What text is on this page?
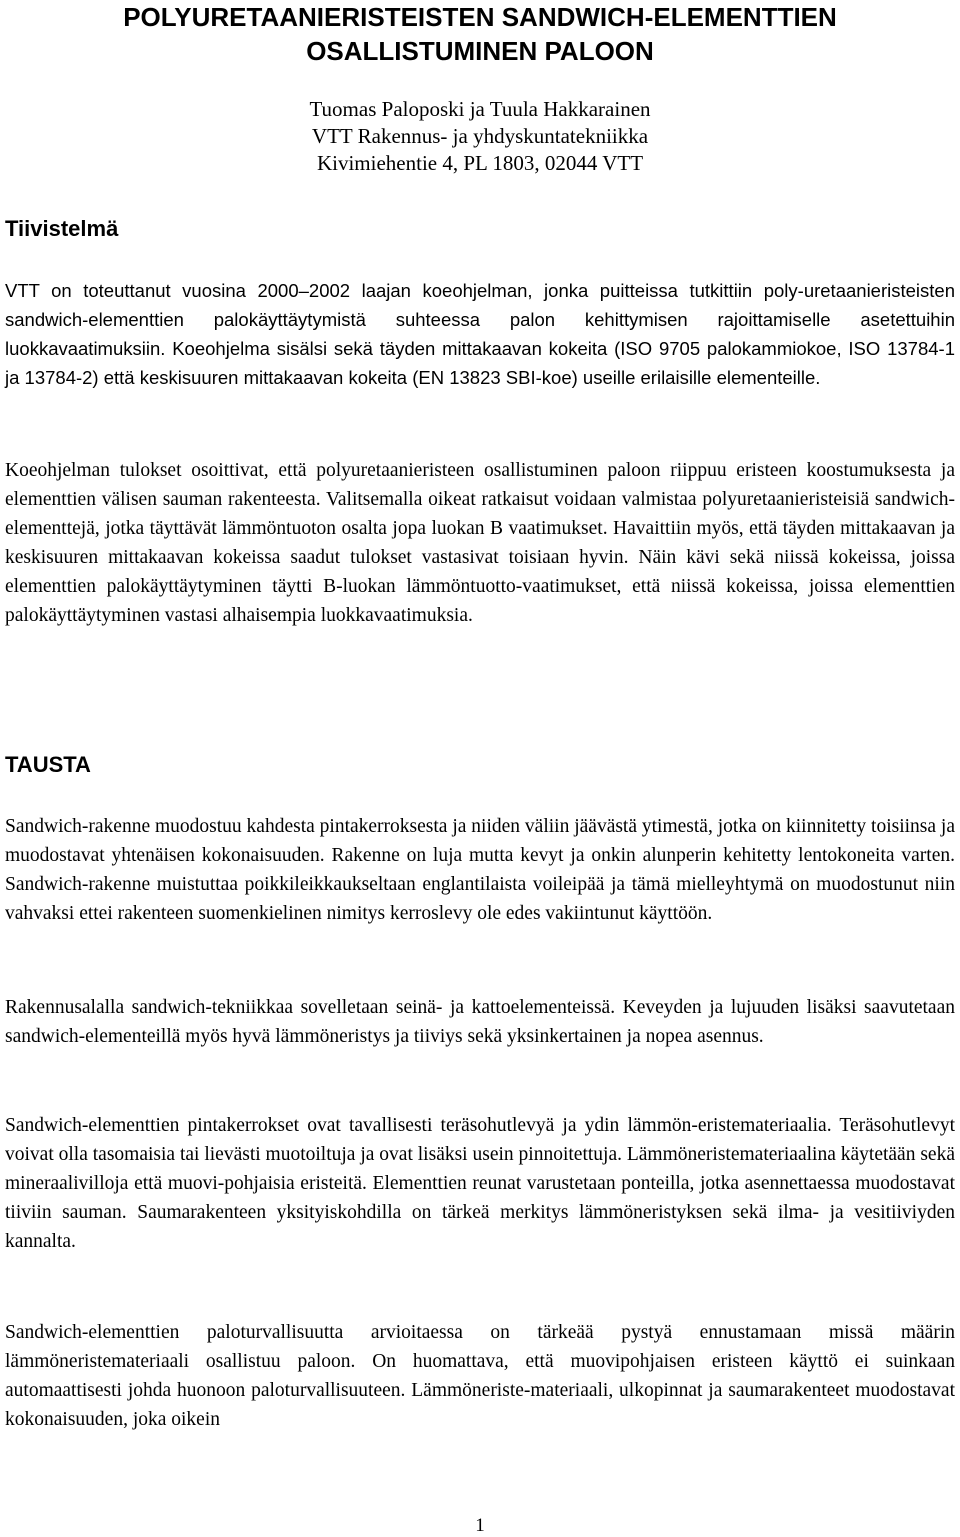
POLYURETAANIERISTEISTEN SANDWICH-ELEMENTTIEN
OSALLISTUMINEN PALOON
Tuomas Paloposki ja Tuula Hakkarainen
VTT Rakennus- ja yhdyskuntatekniikka
Kivimiehentie 4, PL 1803, 02044 VTT
Tiivistelmä

VTT on toteuttanut vuosina 2000–2002 laajan koeohjelman, jonka puitteissa tutkittiin poly-uretaanieristeisten sandwich-elementtien palokäyttäytymistä suhteessa palon kehittymisen rajoittamiselle asetettuihin luokkavaatimuksiin. Koeohjelma sisälsi sekä täyden mittakaavan kokeita (ISO 9705 palokammiokoe, ISO 13784-1 ja 13784-2) että keskisuuren mittakaavan kokeita (EN 13823 SBI-koe) useille erilaisille elementeille.

Koeohjelman tulokset osoittivat, että polyuretaanieristeen osallistuminen paloon riippuu eristeen koostumuksesta ja elementtien välisen sauman rakenteesta. Valitsemalla oikeat ratkaisut voidaan valmistaa polyuretaanieristeisiä sandwich-elementtejä, jotka täyttävät lämmöntuoton osalta jopa luokan B vaatimukset. Havaittiin myös, että täyden mittakaavan ja keskisuuren mittakaavan kokeissa saadut tulokset vastasivat toisiaan hyvin. Näin kävi sekä niissä kokeissa, joissa elementtien palokäyttäytyminen täytti B-luokan lämmöntuotto-vaatimukset, että niissä kokeissa, joissa elementtien palokäyttäytyminen vastasi alhaisempia luokkavaatimuksia.

TAUSTA

Sandwich-rakenne muodostuu kahdesta pintakerroksesta ja niiden väliin jäävästä ytimestä, jotka on kiinnitetty toisiinsa ja muodostavat yhtenäisen kokonaisuuden. Rakenne on luja mutta kevyt ja onkin alunperin kehitetty lentokoneita varten. Sandwich-rakenne muistuttaa poikkileikkaukseltaan englantilaista voileipää ja tämä mielleyhtymä on muodostunut niin vahvaksi ettei rakenteen suomenkielinen nimitys kerroslevy ole edes vakiintunut käyttöön.

Rakennusalalla sandwich-tekniikkaa sovelletaan seinä- ja kattoelementeissä. Keveyden ja lujuuden lisäksi saavutetaan sandwich-elementeillä myös hyvä lämmöneristys ja tiiviys sekä yksinkertainen ja nopea asennus.

Sandwich-elementtien pintakerrokset ovat tavallisesti teräsohutlevyä ja ydin lämmön-eristemateriaalia. Teräsohutlevyt voivat olla tasomaisia tai lievästi muotoiltuja ja ovat lisäksi usein pinnoitettuja. Lämmöneristemateriaalina käytetään sekä mineraalivilloja että muovi-pohjaisia eristeitä. Elementtien reunat varustetaan ponteilla, jotka asennettaessa muodostavat tiiviin sauman. Saumarakenteen yksityiskohdilla on tärkeä merkitys lämmöneristyksen sekä ilma- ja vesitiiviyden kannalta.

Sandwich-elementtien paloturvallisuutta arvioitaessa on tärkeää pystyä ennustamaan missä määrin lämmöneristemateriaali osallistuu paloon. On huomattava, että muovipohjaisen eristeen käyttö ei suinkaan automaattisesti johda huonoon paloturvallisuuteen. Lämmöneriste-materiaali, ulkopinnat ja saumarakenteet muodostavat kokonaisuuden, joka oikein

1
